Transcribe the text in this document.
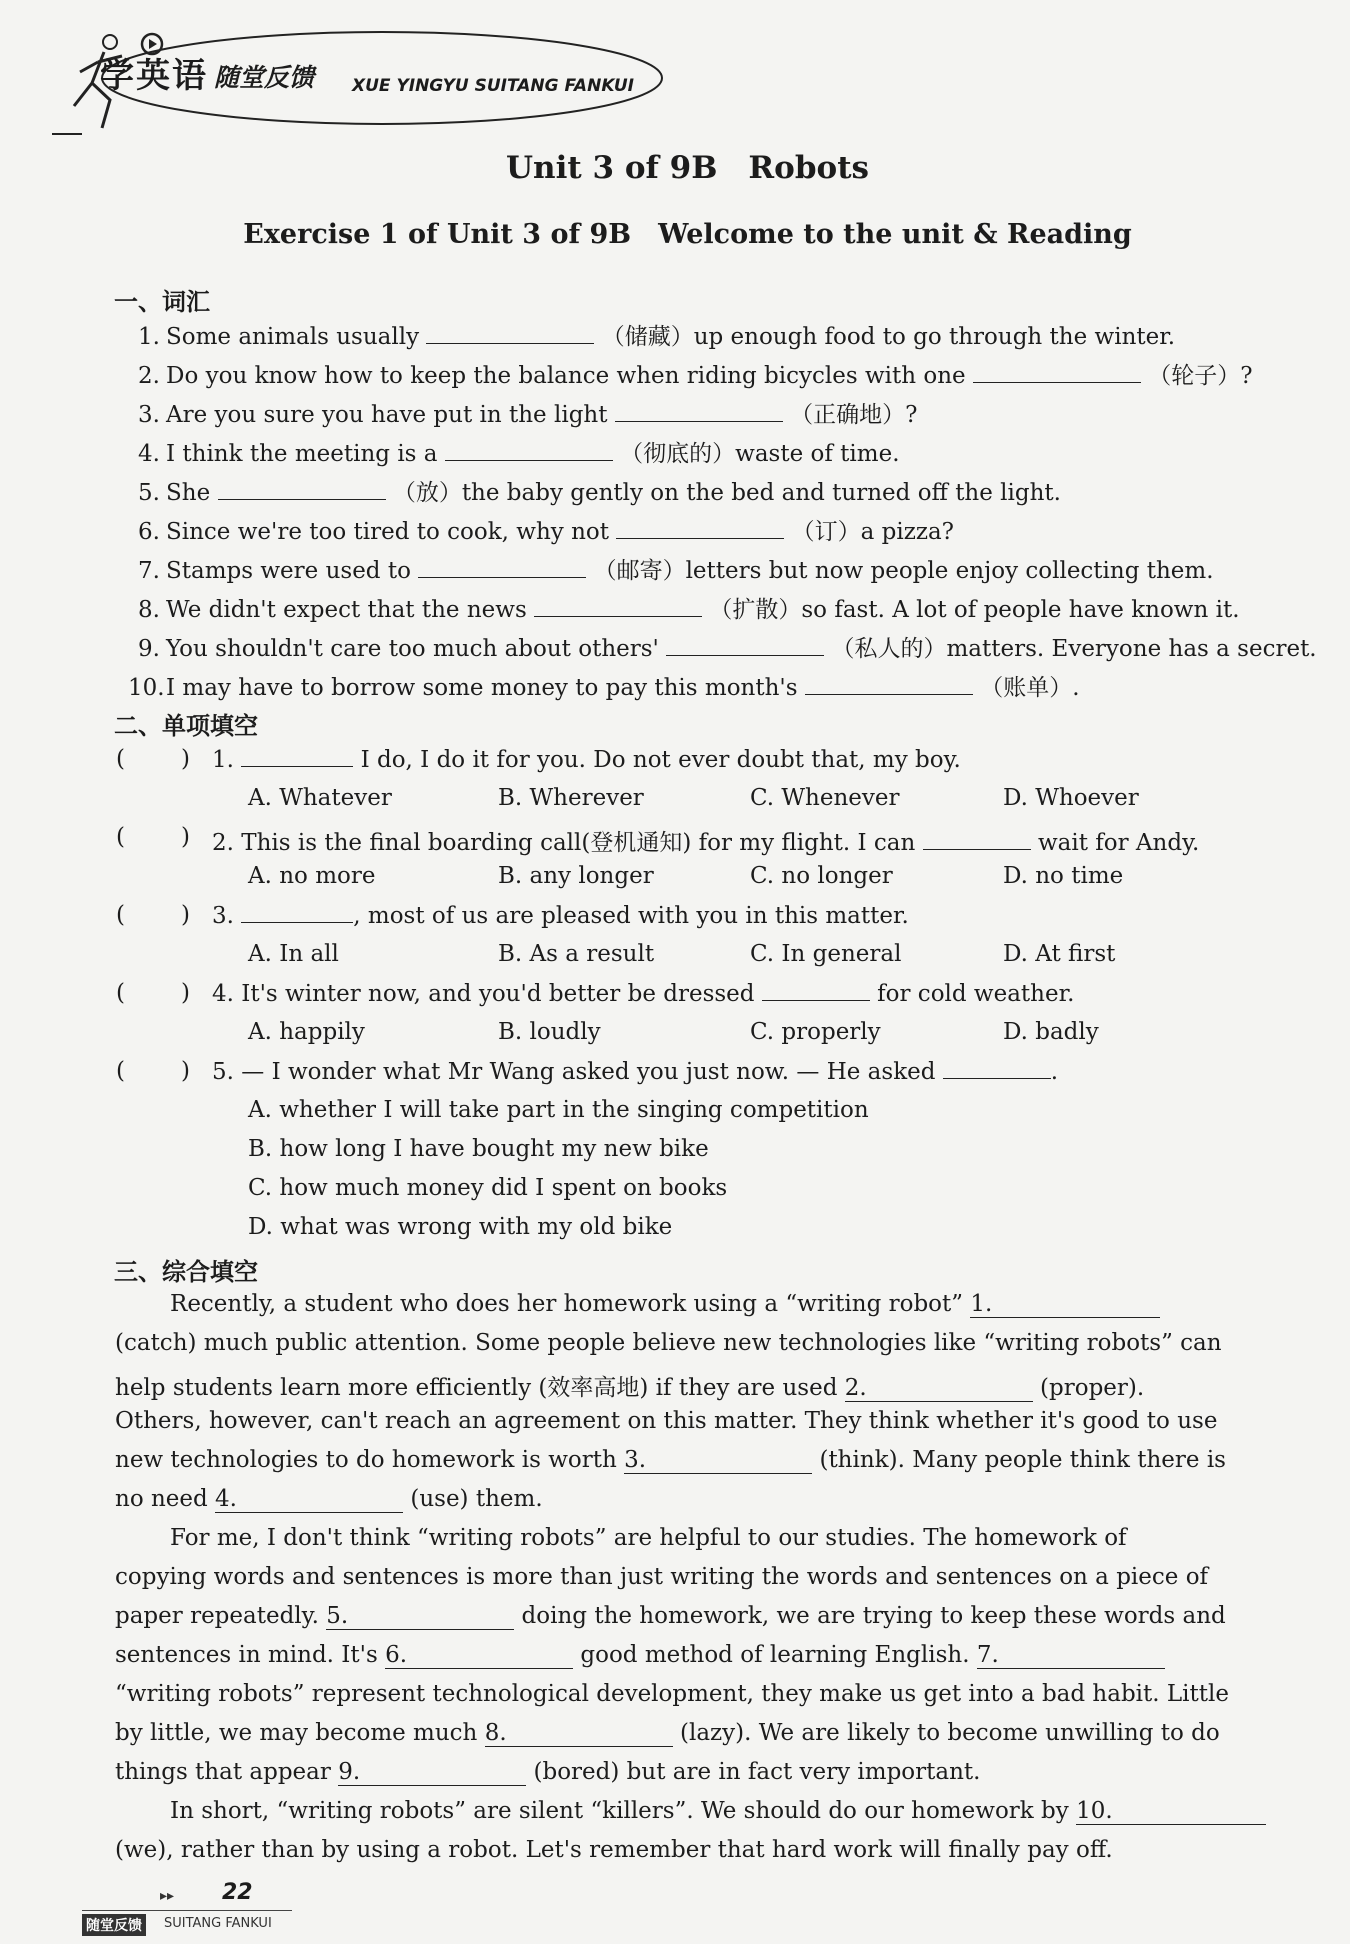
学英语 随堂反馈 XUE YINGYU SUITANG FANKUI
Unit 3 of 9B　Robots
Exercise 1 of Unit 3 of 9B　Welcome to the unit & Reading
一、词汇
1. Some animals usually	（储藏）up enough food to go through the winter.
2. Do you know how to keep the balance when riding bicycles with one	（轮子）?
3. Are you sure you have put in the light	（正确地）?
4. I think the meeting is a	（彻底的）waste of time.
5. She	（放）the baby gently on the bed and turned off the light.
6. Since we're too tired to cook, why not	（订）a pizza?
7. Stamps were used to	（邮寄）letters but now people enjoy collecting them.
8. We didn't expect that the news	（扩散）so fast. A lot of people have known it.
9. You shouldn't care too much about others'	（私人的）matters. Everyone has a secret.
10.I may have to borrow some money to pay this month's	（账单）.
二、单项填空
( ) 1.	I do, I do it for you. Do not ever doubt that, my boy.
A. Whatever	B. Wherever	C. Whenever	D. Whoever
( ) 2. This is the final boarding call(登机通知) for my flight. I can	wait for Andy.
A. no more	B. any longer	C. no longer	D. no time
( ) 3.	, most of us are pleased with you in this matter.
A. In all	B. As a result	C. In general	D. At first
( ) 4. It's winter now, and you'd better be dressed	for cold weather.
A. happily	B. loudly	C. properly	D. badly
( ) 5. — I wonder what Mr Wang asked you just now. — He asked	.
A. whether I will take part in the singing competition
B. how long I have bought my new bike
C. how much money did I spent on books
D. what was wrong with my old bike
三、综合填空
Recently, a student who does her homework using a “writing robot” 1.
(catch) much public attention. Some people believe new technologies like “writing robots” can
help students learn more efficiently (效率高地) if they are used 2.	(proper).
Others, however, can't reach an agreement on this matter. They think whether it's good to use
new technologies to do homework is worth 3.	(think). Many people think there is
no need 4.	(use) them.
For me, I don't think “writing robots” are helpful to our studies. The homework of
copying words and sentences is more than just writing the words and sentences on a piece of
paper repeatedly. 5.	doing the homework, we are trying to keep these words and
sentences in mind. It's 6.	good method of learning English. 7.
“writing robots” represent technological development, they make us get into a bad habit. Little
by little, we may become much 8.	(lazy). We are likely to become unwilling to do
things that appear 9.	(bored) but are in fact very important.
In short, “writing robots” are silent “killers”. We should do our homework by 10.
(we), rather than by using a robot. Let's remember that hard work will finally pay off.
▸▸ 22
随堂反馈	SUITANG FANKUI
